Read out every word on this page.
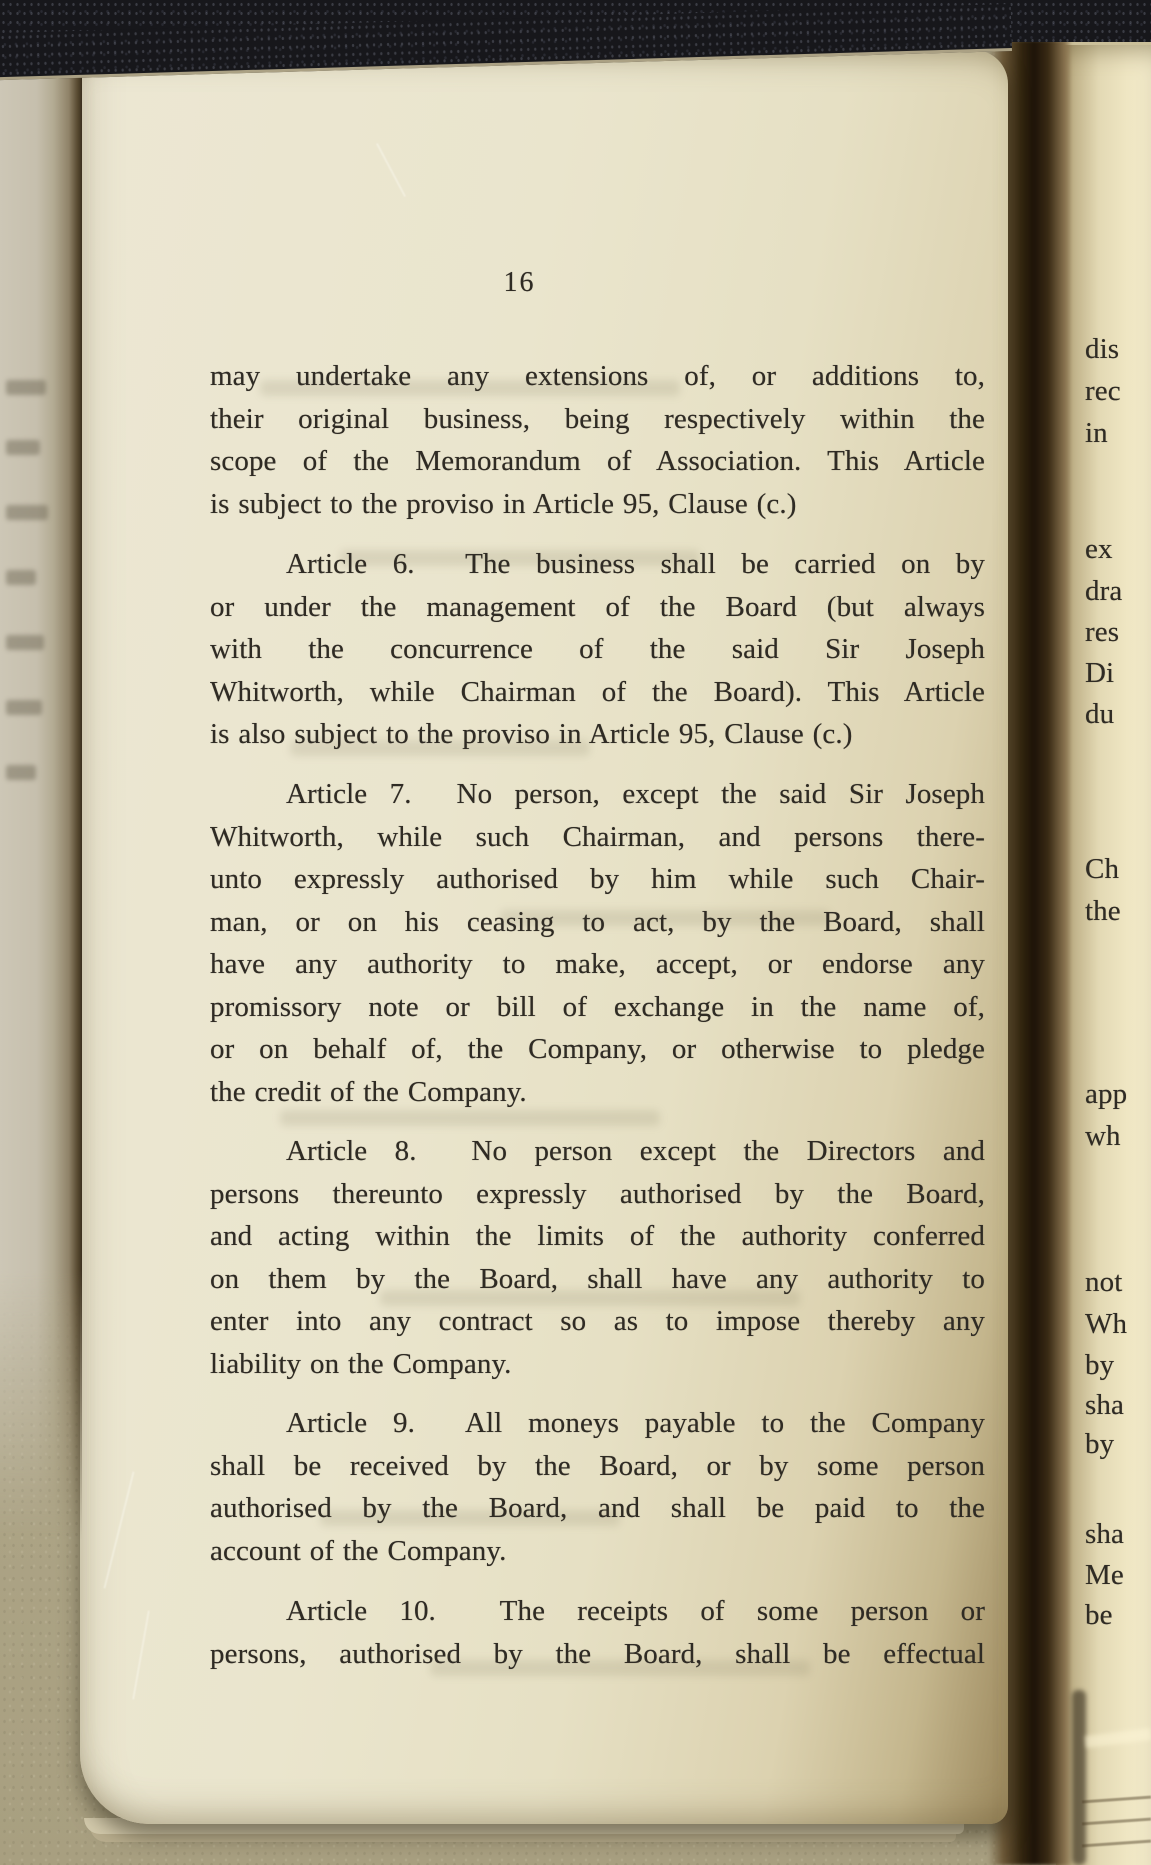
dis
rec
in
ex
dra
res
Di
du
Ch
the
app
wh
not
Wh
by
sha
by
sha
Me
be
16
may undertake any extensions of, or additions to,
their original business, being respectively within the
scope of the Memorandum of Association. This Article
is subject to the proviso in Article 95, Clause (c.)
Article 6.  The business shall be carried on by
or under the management of the Board (but always
with the concurrence of the said Sir Joseph
Whitworth, while Chairman of the Board). This Article
is also subject to the proviso in Article 95, Clause (c.)
Article 7.  No person, except the said Sir Joseph
Whitworth, while such Chairman, and persons there-
unto expressly authorised by him while such Chair-
man, or on his ceasing to act, by the Board, shall
have any authority to make, accept, or endorse any
promissory note or bill of exchange in the name of,
or on behalf of, the Company, or otherwise to pledge
the credit of the Company.
Article 8.  No person except the Directors and
persons thereunto expressly authorised by the Board,
and acting within the limits of the authority conferred
on them by the Board, shall have any authority to
enter into any contract so as to impose thereby any
liability on the Company.
Article 9.  All moneys payable to the Company
shall be received by the Board, or by some person
authorised by the Board, and shall be paid to the
account of the Company.
Article 10.  The receipts of some person or
persons, authorised by the Board, shall be effectual
